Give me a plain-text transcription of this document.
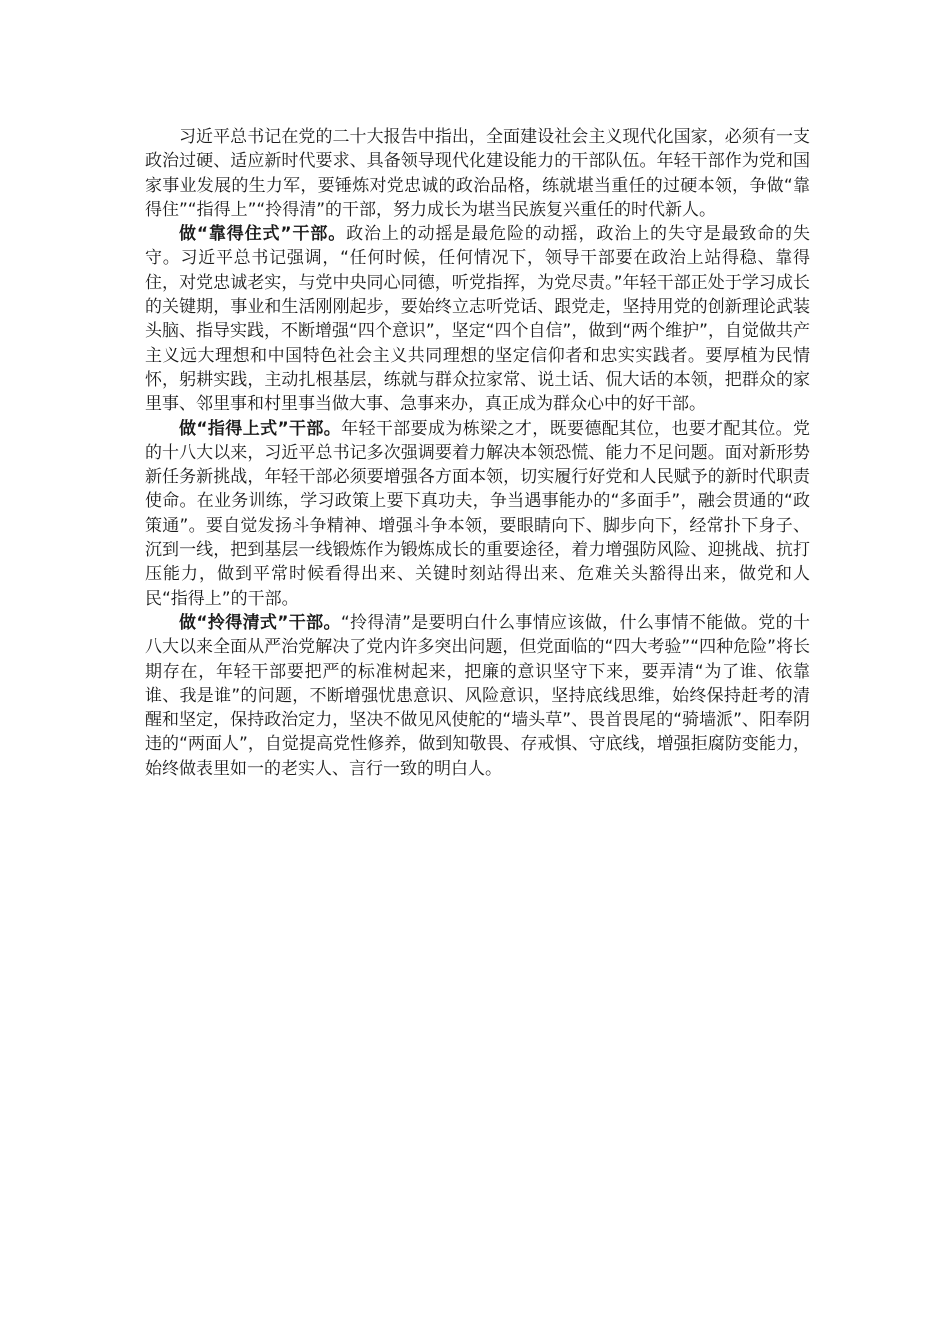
习近平总书记在党的二十大报告中指出，全面建设社会主义现代化国家，必须有一支政治过硬、适应新时代要求、具备领导现代化建设能力的干部队伍。年轻干部作为党和国家事业发展的生力军，要锤炼对党忠诚的政治品格，练就堪当重任的过硬本领，争做“靠得住”“指得上”“拎得清”的干部，努力成长为堪当民族复兴重任的时代新人。

做“靠得住式”干部。政治上的动摇是最危险的动摇，政治上的失守是最致命的失守。习近平总书记强调，“任何时候，任何情况下，领导干部要在政治上站得稳、靠得住，对党忠诚老实，与党中央同心同德，听党指挥，为党尽责。”年轻干部正处于学习成长的关键期，事业和生活刚刚起步，要始终立志听党话、跟党走，坚持用党的创新理论武装头脑、指导实践，不断增强“四个意识”，坚定“四个自信”，做到“两个维护”，自觉做共产主义远大理想和中国特色社会主义共同理想的坚定信仰者和忠实实践者。要厚植为民情怀，躬耕实践，主动扎根基层，练就与群众拉家常、说土话、侃大话的本领，把群众的家里事、邻里事和村里事当做大事、急事来办，真正成为群众心中的好干部。

做“指得上式”干部。年轻干部要成为栋梁之才，既要德配其位，也要才配其位。党的十八大以来，习近平总书记多次强调要着力解决本领恐慌、能力不足问题。面对新形势新任务新挑战，年轻干部必须要增强各方面本领，切实履行好党和人民赋予的新时代职责使命。在业务训练，学习政策上要下真功夫，争当遇事能办的“多面手”，融会贯通的“政策通”。要自觉发扬斗争精神、增强斗争本领，要眼睛向下、脚步向下，经常扑下身子、沉到一线，把到基层一线锻炼作为锻炼成长的重要途径，着力增强防风险、迎挑战、抗打压能力，做到平常时候看得出来、关键时刻站得出来、危难关头豁得出来，做党和人民“指得上”的干部。

做“拎得清式”干部。“拎得清”是要明白什么事情应该做，什么事情不能做。党的十八大以来全面从严治党解决了党内许多突出问题，但党面临的“四大考验”“四种危险”将长期存在，年轻干部要把严的标准树起来，把廉的意识坚守下来，要弄清“为了谁、依靠谁、我是谁”的问题，不断增强忧患意识、风险意识，坚持底线思维，始终保持赶考的清醒和坚定，保持政治定力，坚决不做见风使舵的“墙头草”、畏首畏尾的“骑墙派”、阳奉阴违的“两面人”，自觉提高党性修养，做到知敬畏、存戒惧、守底线，增强拒腐防变能力，始终做表里如一的老实人、言行一致的明白人。
